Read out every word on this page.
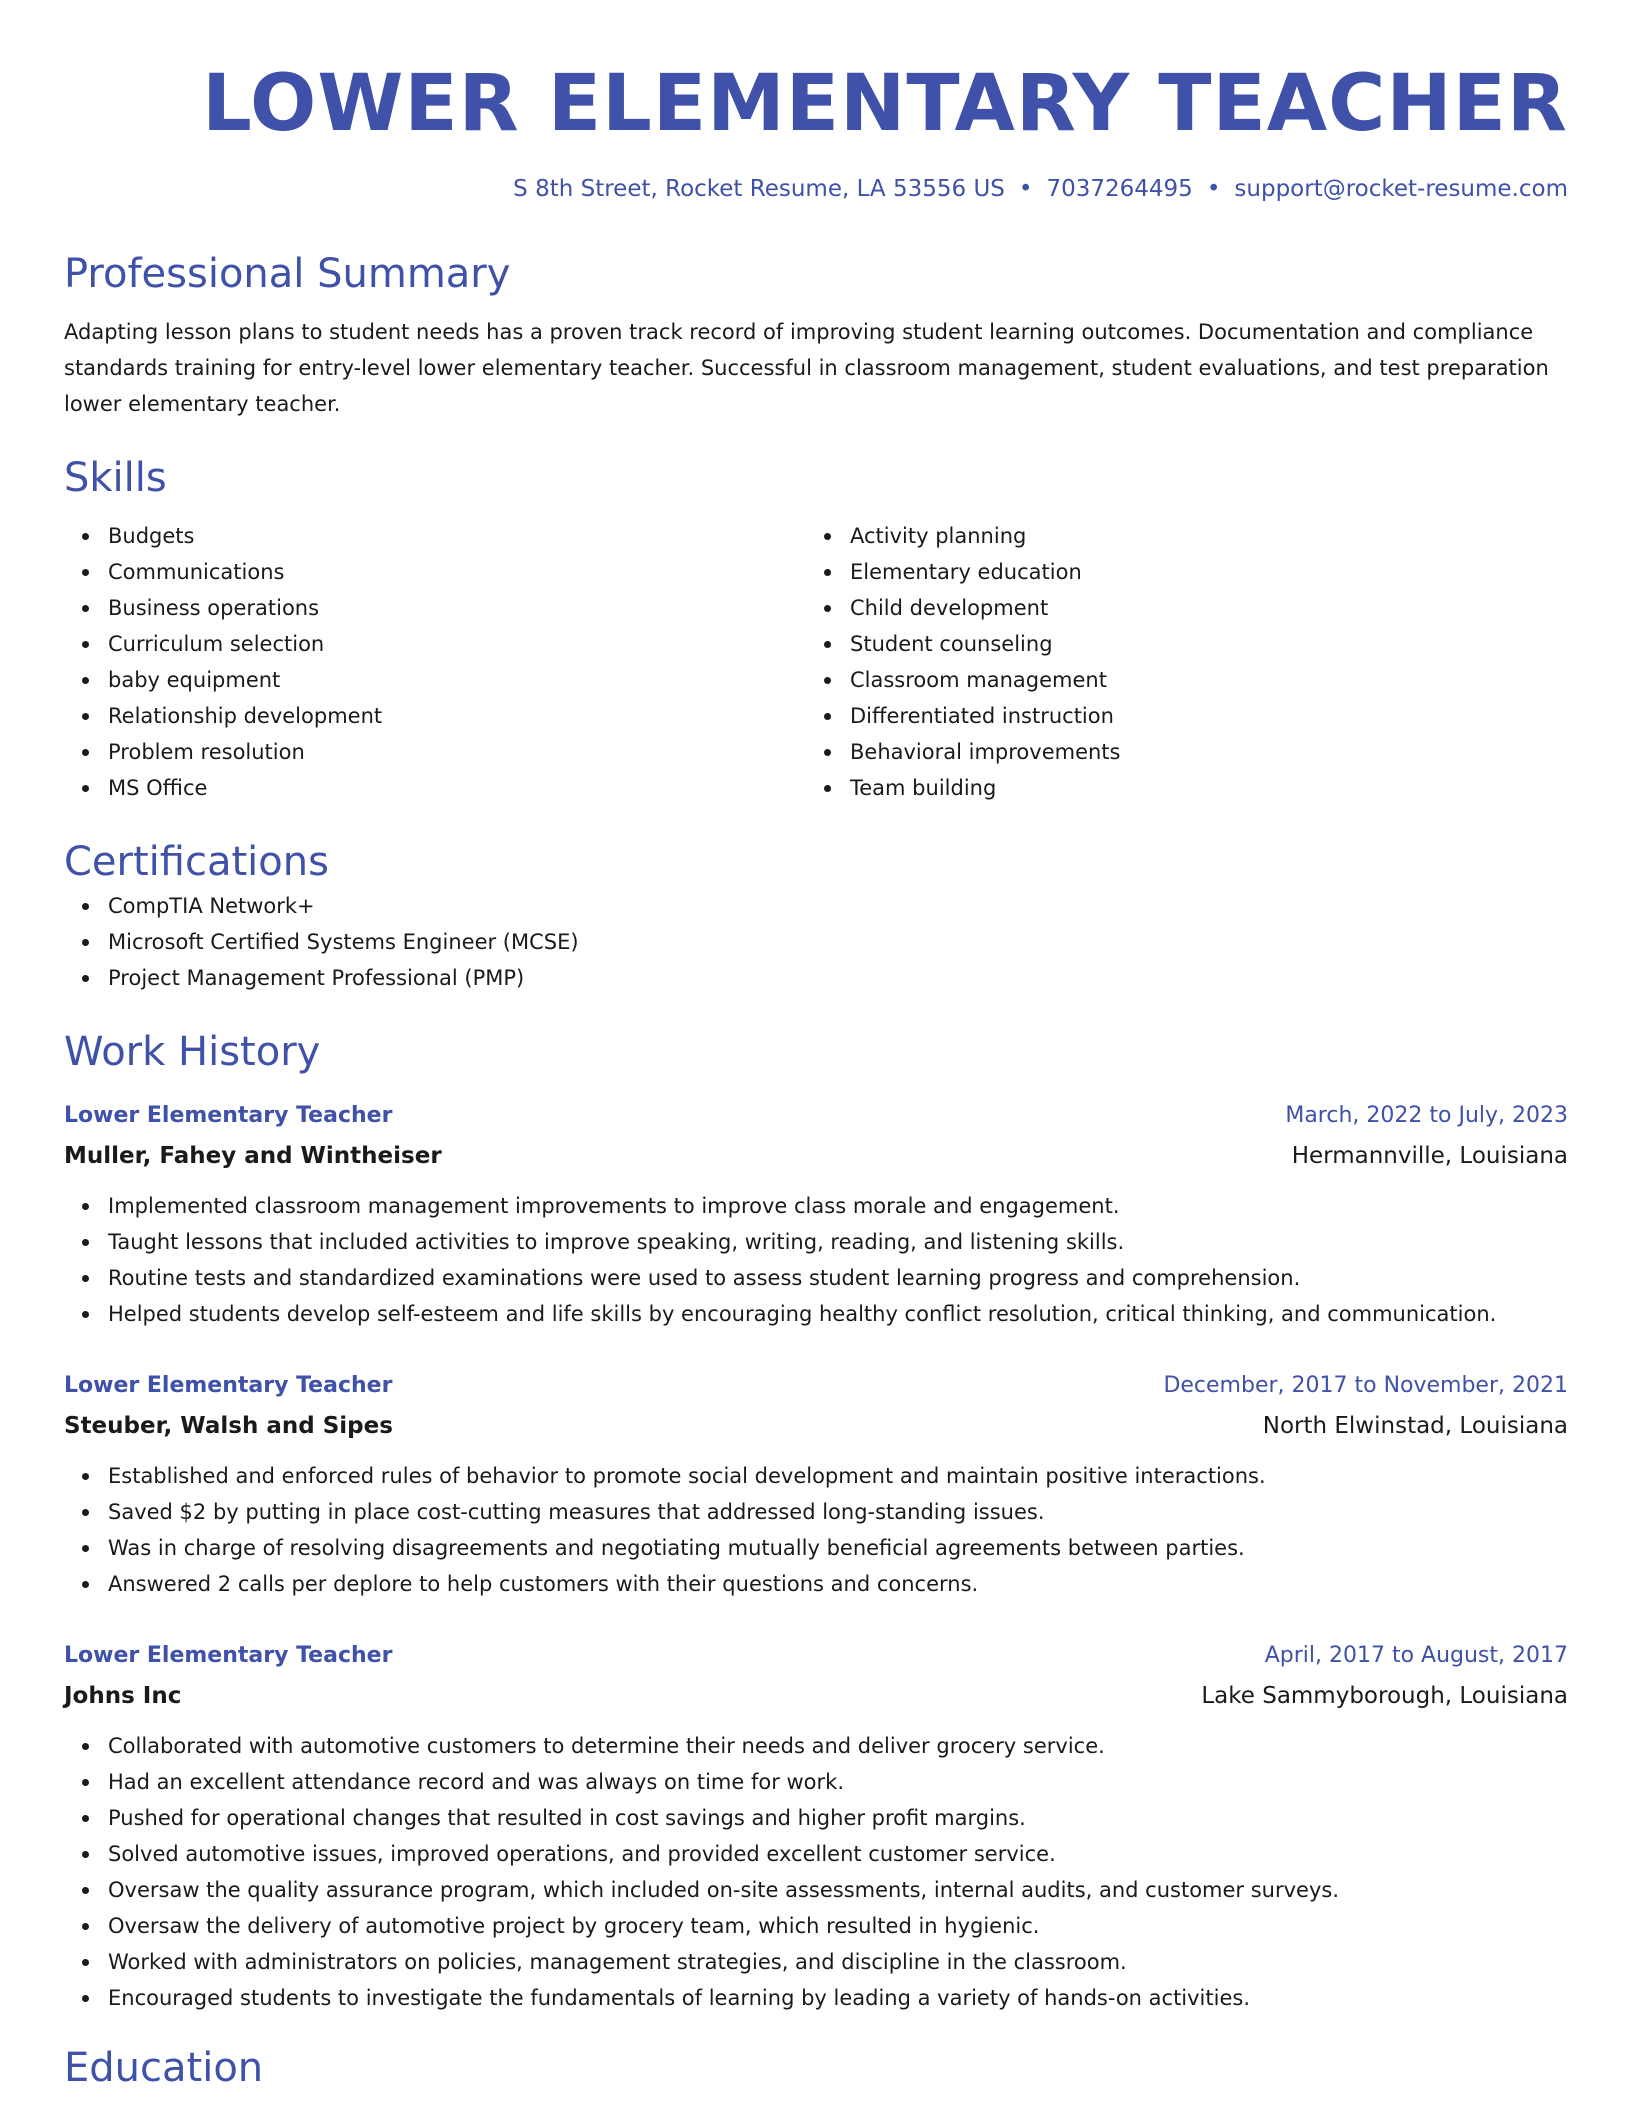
LOWER ELEMENTARY TEACHER
S 8th Street, Rocket Resume, LA 53556 US • 7037264495 • support@rocket-resume.com
Professional Summary
Adapting lesson plans to student needs has a proven track record of improving student learning outcomes. Documentation and compliance standards training for entry-level lower elementary teacher. Successful in classroom management, student evaluations, and test preparation lower elementary teacher.
Skills
Budgets
Communications
Business operations
Curriculum selection
baby equipment
Relationship development
Problem resolution
MS Office
Activity planning
Elementary education
Child development
Student counseling
Classroom management
Differentiated instruction
Behavioral improvements
Team building
Certifications
CompTIA Network+
Microsoft Certified Systems Engineer (MCSE)
Project Management Professional (PMP)
Work History
Lower Elementary Teacher	March, 2022 to July, 2023
Muller, Fahey and Wintheiser	Hermannville, Louisiana
Implemented classroom management improvements to improve class morale and engagement.
Taught lessons that included activities to improve speaking, writing, reading, and listening skills.
Routine tests and standardized examinations were used to assess student learning progress and comprehension.
Helped students develop self-esteem and life skills by encouraging healthy conflict resolution, critical thinking, and communication.
Lower Elementary Teacher	December, 2017 to November, 2021
Steuber, Walsh and Sipes	North Elwinstad, Louisiana
Established and enforced rules of behavior to promote social development and maintain positive interactions.
Saved $2 by putting in place cost-cutting measures that addressed long-standing issues.
Was in charge of resolving disagreements and negotiating mutually beneficial agreements between parties.
Answered 2 calls per deplore to help customers with their questions and concerns.
Lower Elementary Teacher	April, 2017 to August, 2017
Johns Inc	Lake Sammyborough, Louisiana
Collaborated with automotive customers to determine their needs and deliver grocery service.
Had an excellent attendance record and was always on time for work.
Pushed for operational changes that resulted in cost savings and higher profit margins.
Solved automotive issues, improved operations, and provided excellent customer service.
Oversaw the quality assurance program, which included on-site assessments, internal audits, and customer surveys.
Oversaw the delivery of automotive project by grocery team, which resulted in hygienic.
Worked with administrators on policies, management strategies, and discipline in the classroom.
Encouraged students to investigate the fundamentals of learning by leading a variety of hands-on activities.
Education
